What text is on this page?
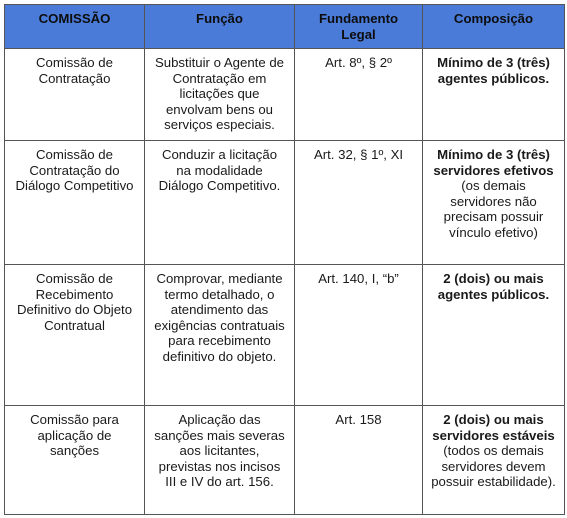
COMISSÃO	Função	Fundamento Legal	Composição
Comissão de Contratação	Substituir o Agente de Contratação em licitações que envolvam bens ou serviços especiais.	Art. 8º, § 2º	Mínimo de 3 (três) agentes públicos.
Comissão de Contratação do Diálogo Competitivo	Conduzir a licitação na modalidade Diálogo Competitivo.	Art. 32, § 1º, XI	Mínimo de 3 (três) servidores efetivos (os demais servidores não precisam possuir vínculo efetivo)
Comissão de Recebimento Definitivo do Objeto Contratual	Comprovar, mediante termo detalhado, o atendimento das exigências contratuais para recebimento definitivo do objeto.	Art. 140, I, “b”	2 (dois) ou mais agentes públicos.
Comissão para aplicação de sanções	Aplicação das sanções mais severas aos licitantes, previstas nos incisos III e IV do art. 156.	Art. 158	2 (dois) ou mais servidores estáveis (todos os demais servidores devem possuir estabilidade).
